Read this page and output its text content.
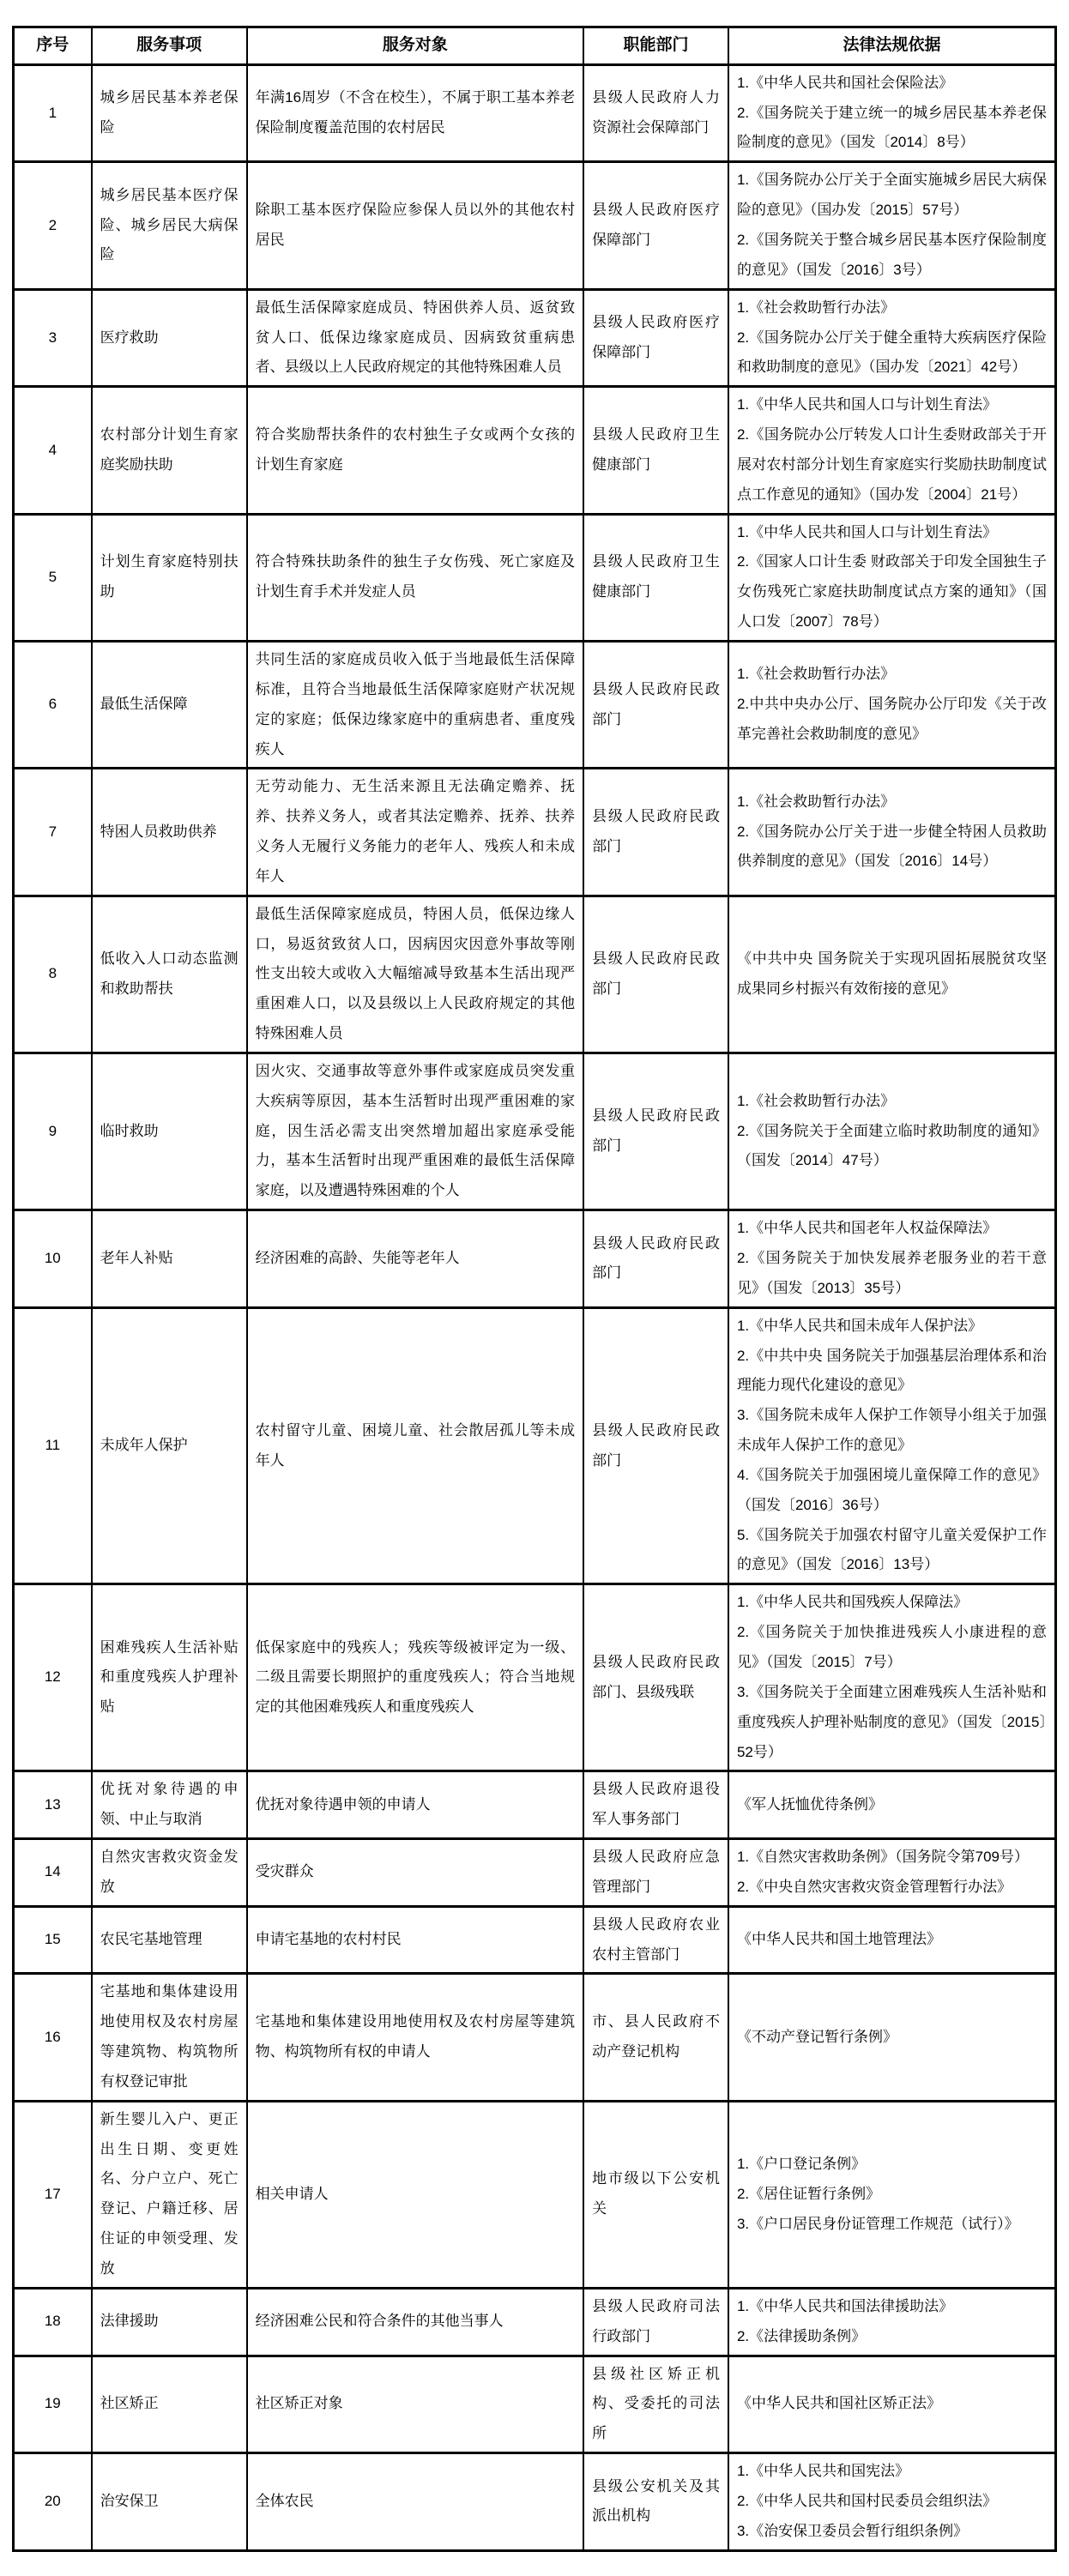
序号	服务事项	服务对象	职能部门	法律法规依据
1	城乡居民基本养老保险	年满16周岁（不含在校生），不属于职工基本养老保险制度覆盖范围的农村居民	县级人民政府人力资源社会保障部门	1.《中华人民共和国社会保险法》
2.《国务院关于建立统一的城乡居民基本养老保险制度的意见》（国发〔2014〕8号）

2	城乡居民基本医疗保险、城乡居民大病保险	除职工基本医疗保险应参保人员以外的其他农村居民	县级人民政府医疗保障部门	1.《国务院办公厅关于全面实施城乡居民大病保险的意见》（国办发〔2015〕57号）
2.《国务院关于整合城乡居民基本医疗保险制度的意见》（国发〔2016〕3号）

3	医疗救助	最低生活保障家庭成员、特困供养人员、返贫致贫人口、低保边缘家庭成员、因病致贫重病患者、县级以上人民政府规定的其他特殊困难人员	县级人民政府医疗保障部门	1.《社会救助暂行办法》
2.《国务院办公厅关于健全重特大疾病医疗保险和救助制度的意见》（国办发〔2021〕42号）

4	农村部分计划生育家庭奖励扶助	符合奖励帮扶条件的农村独生子女或两个女孩的计划生育家庭	县级人民政府卫生健康部门	1.《中华人民共和国人口与计划生育法》
2.《国务院办公厅转发人口计生委财政部关于开展对农村部分计划生育家庭实行奖励扶助制度试点工作意见的通知》（国办发〔2004〕21号）

5	计划生育家庭特别扶助	符合特殊扶助条件的独生子女伤残、死亡家庭及计划生育手术并发症人员	县级人民政府卫生健康部门	1.《中华人民共和国人口与计划生育法》
2.《国家人口计生委 财政部关于印发全国独生子女伤残死亡家庭扶助制度试点方案的通知》（国人口发〔2007〕78号）

6	最低生活保障	共同生活的家庭成员收入低于当地最低生活保障标准，且符合当地最低生活保障家庭财产状况规定的家庭；低保边缘家庭中的重病患者、重度残疾人	县级人民政府民政部门	1.《社会救助暂行办法》
2.中共中央办公厅、国务院办公厅印发《关于改革完善社会救助制度的意见》

7	特困人员救助供养	无劳动能力、无生活来源且无法确定赡养、抚养、扶养义务人，或者其法定赡养、抚养、扶养义务人无履行义务能力的老年人、残疾人和未成年人	县级人民政府民政部门	1.《社会救助暂行办法》
2.《国务院办公厅关于进一步健全特困人员救助供养制度的意见》（国发〔2016〕14号）

8	低收入人口动态监测和救助帮扶	最低生活保障家庭成员，特困人员，低保边缘人口，易返贫致贫人口，因病因灾因意外事故等刚性支出较大或收入大幅缩减导致基本生活出现严重困难人口，以及县级以上人民政府规定的其他特殊困难人员	县级人民政府民政部门	《中共中央 国务院关于实现巩固拓展脱贫攻坚成果同乡村振兴有效衔接的意见》

9	临时救助	因火灾、交通事故等意外事件或家庭成员突发重大疾病等原因，基本生活暂时出现严重困难的家庭，因生活必需支出突然增加超出家庭承受能力，基本生活暂时出现严重困难的最低生活保障家庭，以及遭遇特殊困难的个人	县级人民政府民政部门	1.《社会救助暂行办法》
2.《国务院关于全面建立临时救助制度的通知》（国发〔2014〕47号）

10	老年人补贴	经济困难的高龄、失能等老年人	县级人民政府民政部门	1.《中华人民共和国老年人权益保障法》
2.《国务院关于加快发展养老服务业的若干意见》（国发〔2013〕35号）

11	未成年人保护	农村留守儿童、困境儿童、社会散居孤儿等未成年人	县级人民政府民政部门	1.《中华人民共和国未成年人保护法》
2.《中共中央 国务院关于加强基层治理体系和治理能力现代化建设的意见》
3.《国务院未成年人保护工作领导小组关于加强未成年人保护工作的意见》
4.《国务院关于加强困境儿童保障工作的意见》（国发〔2016〕36号）
5.《国务院关于加强农村留守儿童关爱保护工作的意见》（国发〔2016〕13号）

12	困难残疾人生活补贴和重度残疾人护理补贴	低保家庭中的残疾人；残疾等级被评定为一级、二级且需要长期照护的重度残疾人；符合当地规定的其他困难残疾人和重度残疾人	县级人民政府民政部门、县级残联	1.《中华人民共和国残疾人保障法》
2.《国务院关于加快推进残疾人小康进程的意见》（国发〔2015〕7号）
3.《国务院关于全面建立困难残疾人生活补贴和重度残疾人护理补贴制度的意见》（国发〔2015〕52号）

13	优抚对象待遇的申领、中止与取消	优抚对象待遇申领的申请人	县级人民政府退役军人事务部门	《军人抚恤优待条例》

14	自然灾害救灾资金发放	受灾群众	县级人民政府应急管理部门	1.《自然灾害救助条例》（国务院令第709号）
2.《中央自然灾害救灾资金管理暂行办法》

15	农民宅基地管理	申请宅基地的农村村民	县级人民政府农业农村主管部门	《中华人民共和国土地管理法》

16	宅基地和集体建设用地使用权及农村房屋等建筑物、构筑物所有权登记审批	宅基地和集体建设用地使用权及农村房屋等建筑物、构筑物所有权的申请人	市、县人民政府不动产登记机构	《不动产登记暂行条例》

17	新生婴儿入户、更正出生日期、变更姓名、分户立户、死亡登记、户籍迁移、居住证的申领受理、发放	相关申请人	地市级以下公安机关	1.《户口登记条例》
2.《居住证暂行条例》
3.《户口居民身份证管理工作规范（试行）》

18	法律援助	经济困难公民和符合条件的其他当事人	县级人民政府司法行政部门	1.《中华人民共和国法律援助法》
2.《法律援助条例》

19	社区矫正	社区矫正对象	县级社区矫正机构、受委托的司法所	《中华人民共和国社区矫正法》

20	治安保卫	全体农民	县级公安机关及其派出机构	1.《中华人民共和国宪法》
2.《中华人民共和国村民委员会组织法》
3.《治安保卫委员会暂行组织条例》
